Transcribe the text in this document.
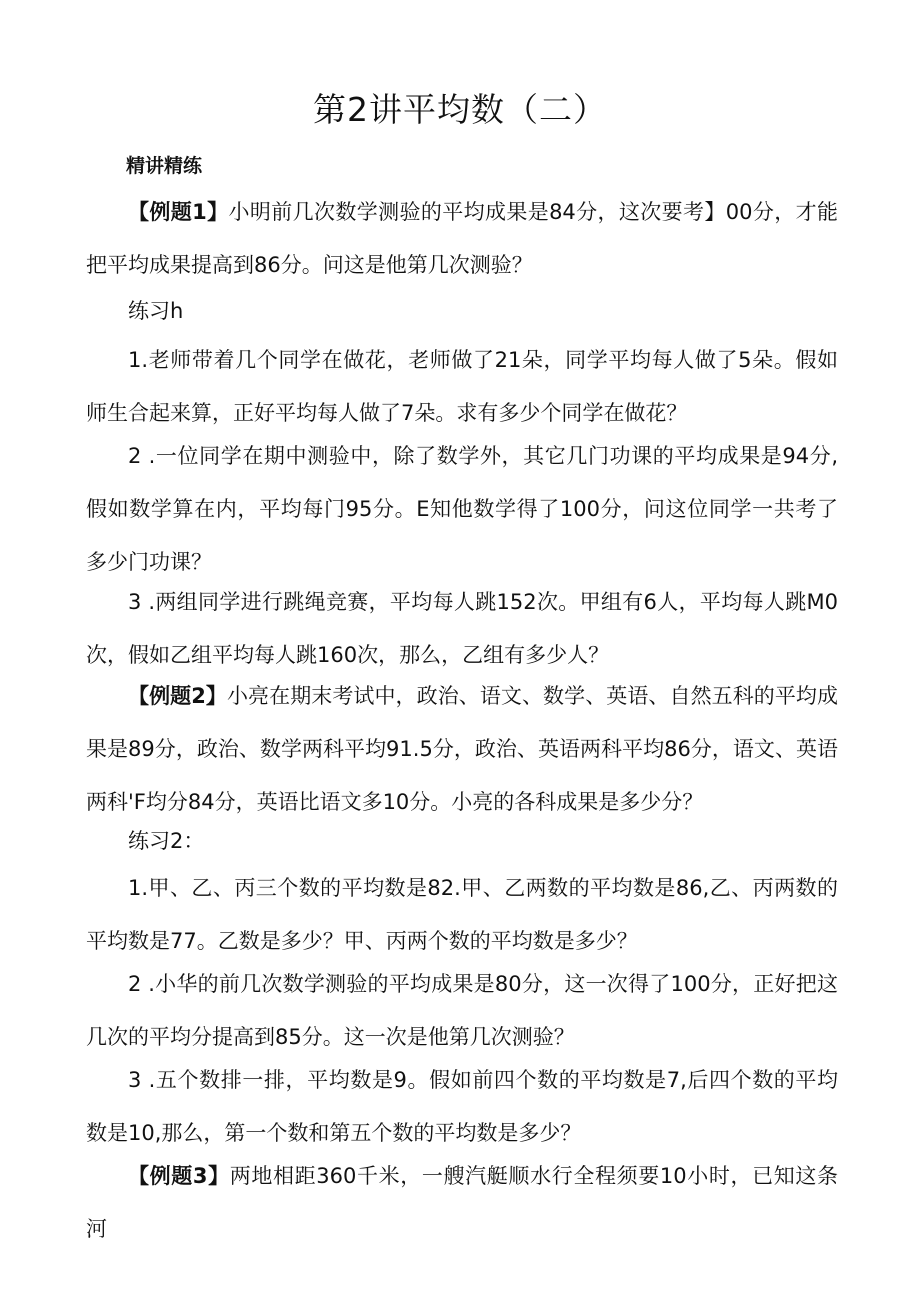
第2讲平均数（二）
精讲精练
【例题1】小明前几次数学测验的平均成果是84分，这次要考】00分，才能把平均成果提高到86分。问这是他第几次测验？
练习h
1.老师带着几个同学在做花，老师做了21朵，同学平均每人做了5朵。假如师生合起来算，正好平均每人做了7朵。求有多少个同学在做花？
2 .一位同学在期中测验中，除了数学外，其它几门功课的平均成果是94分,假如数学算在内，平均每门95分。E知他数学得了100分，问这位同学一共考了多少门功课？
3 .两组同学进行跳绳竞赛，平均每人跳152次。甲组有6人，平均每人跳M0次，假如乙组平均每人跳160次，那么，乙组有多少人？
【例题2】小亮在期末考试中，政治、语文、数学、英语、自然五科的平均成果是89分，政治、数学两科平均91.5分，政治、英语两科平均86分，语文、英语两科'F均分84分，英语比语文多10分。小亮的各科成果是多少分？
练习2：
1.甲、乙、丙三个数的平均数是82.甲、乙两数的平均数是86,乙、丙两数的平均数是77。乙数是多少？甲、丙两个数的平均数是多少？
2 .小华的前几次数学测验的平均成果是80分，这一次得了100分，正好把这几次的平均分提高到85分。这一次是他第几次测验？
3 .五个数排一排，平均数是9。假如前四个数的平均数是7,后四个数的平均数是10,那么，第一个数和第五个数的平均数是多少？
【例题3】两地相距360千米，一艘汽艇顺水行全程须要10小时，已知这条河
